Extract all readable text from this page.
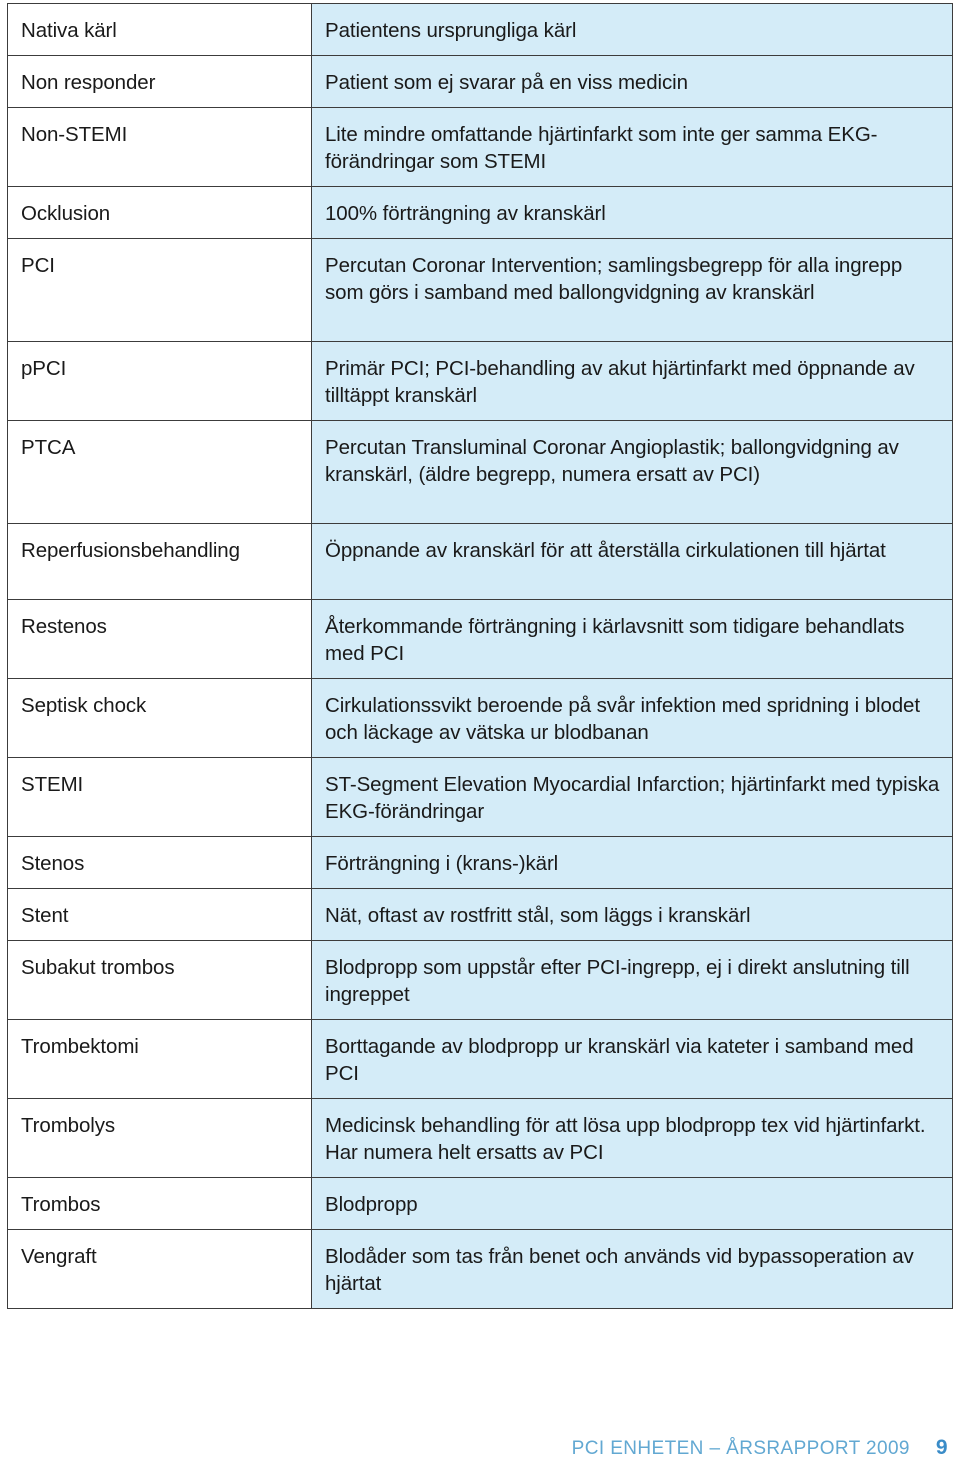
Nativa kärl	Patientens ursprungliga kärl
Non responder	Patient som ej svarar på en viss medicin
Non-STEMI	Lite mindre omfattande hjärtinfarkt som inte ger samma EKG-förändringar som STEMI
Ocklusion	100% förträngning av kranskärl
PCI	Percutan Coronar Intervention; samlingsbegrepp för alla ingrepp som görs i samband med ballongvidgning av kranskärl
pPCI	Primär PCI; PCI-behandling av akut hjärtinfarkt med öppnande av tilltäppt kranskärl
PTCA	Percutan Transluminal Coronar Angioplastik; ballongvidgning av kranskärl, (äldre begrepp, numera ersatt av PCI)
Reperfusionsbehandling	Öppnande av kranskärl för att återställa cirkulationen till hjärtat
Restenos	Återkommande förträngning i kärlavsnitt som tidigare behandlats med PCI
Septisk chock	Cirkulationssvikt beroende på svår infektion med spridning i blodet och läckage av vätska ur blodbanan
STEMI	ST-Segment Elevation Myocardial Infarction; hjärtinfarkt med typiska EKG-förändringar
Stenos	Förträngning i (krans-)kärl
Stent	Nät, oftast av rostfritt stål, som läggs i kranskärl
Subakut trombos	Blodpropp som uppstår efter PCI-ingrepp, ej i direkt anslutning till ingreppet
Trombektomi	Borttagande av blodpropp ur kranskärl via kateter i samband med PCI
Trombolys	Medicinsk behandling för att lösa upp blodpropp tex vid hjärtinfarkt. Har numera helt ersatts av PCI
Trombos	Blodpropp
Vengraft	Blodåder som tas från benet och används vid bypassoperation av hjärtat
PCI ENHETEN – ÅRSRAPPORT 2009 9
